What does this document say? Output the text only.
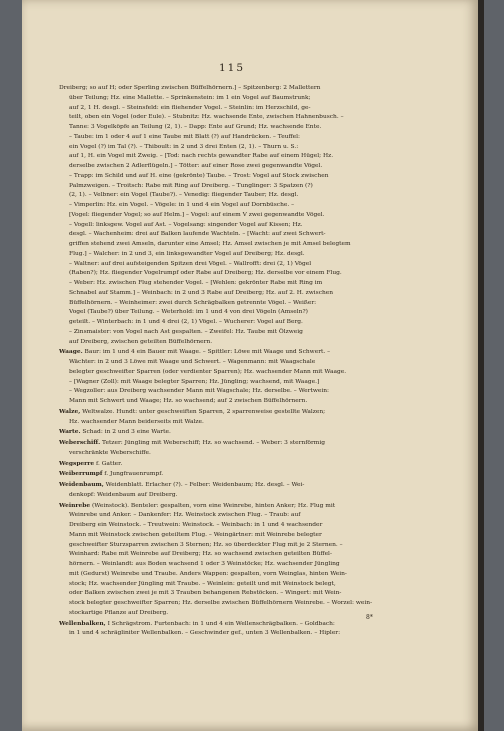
115
Dreiberg; so auf H; oder Sperling zwischen Büffelhörnern.] – Spitzenberg: 2 Mallettern
über Teilung; Hz. eine Mallette. – Sprinkenstein: im 1 ein Vogel auf Baumstrunk;
auf 2, 1 H. desgl. – Steinsfeld: ein fliehender Vogel. – Steinlin: im Herzschild, ge-
teilt, oben ein Vogel (oder Eule). – Stubnitz: Hz. wachsende Ente, zwischen Hahnenbusch. –
Tanne: 3 Vogelköpfe an Teilung (2, 1). – Dapp: Ente auf Grund; Hz. wachsende Ente.
– Taube: im 1 oder 4 auf 1 eine Taube mit Blatt (?) auf Handrücken. – Teuffel:
ein Vogel (?) im Tal (?). – Thiboult: in 2 und 3 drei Enten (2, 1). – Thurn u. S.:
auf 1, H. ein Vogel mit Zweig. – [Tod: nach rechts gewandter Rabe auf einem Hügel; Hz.
derselbe zwischen 2 Adlerflügeln.] – Tötter: auf einer Rose zwei gegenwandte Vögel.
– Trapp: im Schild und auf H. eine (gekrönte) Taube. – Trost: Vogel auf Stock zwischen
Palmzweigen. – Troitsch: Rabe mit Ring auf Dreiberg. – Tunglinger: 3 Spatzen (?)
(2, 1). – Velbner: ein Vogel (Taube?). – Venedig: fliegender Tauber; Hz. desgl.
– Vimperlin: Hz. ein Vogel. – Vögele: in 1 und 4 ein Vogel auf Dornbüsche. –
[Vogel: fliegender Vogel; so auf Helm.] – Vogel: auf einem V zwei gegenwandte Vögel.
– Vogell: linksgew. Vogel auf Ast. – Vogelsang: singender Vogel auf Kissen; Hz.
desgl. – Wachenheim: drei auf Balken laufende Wachteln. – [Wacht: auf zwei Schwert-
griffen stehend zwei Amseln, darunter eine Amsel; Hz. Amsel zwischen je mit Amsel belegtem
Flug.] – Walcher: in 2 und 3, ein linksgewandter Vogel auf Dreiberg; Hz. desgl.
– Waltner: auf drei aufsteigenden Spitzen drei Vögel. – Wallrofft: drei (2, 1) Vögel
(Raben?); Hz. fliegender Vogelrumpf oder Rabe auf Dreiberg; Hz. derselbe vor einem Flug.
– Weber: Hz. zwischen Flug stehender Vogel. – [Wehlen: gekrönter Rabe mit Ring im
Schnabel auf Stamm.] – Weinbach: in 2 und 3 Rabe auf Dreiberg; Hz. auf 2. H. zwischen
Büffelhörnern. – Weinheimer: zwei durch Schrägbalken getrennte Vögel. – Weißer:
Vogel (Taube?) über Teilung. – Weterhold: im 1 und 4 von drei Vögeln (Amseln?)
geteilt. – Winterbach: in 1 und 4 drei (2, 1) Vögel. – Wucherer: Vogel auf Berg.
– Zinsmaister: von Vogel nach Ast gespalten. – Zweifel: Hz. Taube mit Ölzweig
auf Dreiberg, zwischen geteilten Büffelhörnern.
Waage. Baur: im 1 und 4 ein Bauer mit Waage. – Spittler: Löwe mit Waage und Schwert. –
Wächter: in 2 und 3 Löwe mit Waage und Schwert. – Wagenmann: mit Waagschale
belegter geschweifter Sparren (oder verdienter Sparren); Hz. wachsender Mann mit Waage.
– [Wagner (Zoll): mit Waage belegter Sparren; Hz. Jüngling; wachsend, mit Waage.]
– Wegzoller: aus Dreiberg wachsender Mann mit Wagschale; Hz. derselbe. – Wertwein:
Mann mit Schwert und Waage; Hz. so wachsend; auf 2 zwischen Büffelhörnern.
Walze, Weltwalze. Hundt: unter geschweiften Sparren, 2 sparrenweise gestellte Walzen;
Hz. wachsender Mann beiderseits mit Walze.
Warte. Schad: in 2 und 3 eine Warte.
Weberschiff. Tetzer: Jüngling mit Weberschiff; Hz. so wachsend. – Weber: 3 sternförmig
verschränkte Weberschiffe.
Wegsperre f. Gatter.
Weiberrumpf f. Jungfrauenrumpf.
Weidenbaum, Weidenblatt. Erlacher (?). – Felber: Weidenbaum; Hz. desgl. – Wei-
denkopf: Weidenbaum auf Dreiberg.
Weinrebe (Weinstock). Benteler: gespalten, vorn eine Weinrebe, hinten Anker; Hz. Flug mit
Weinrebe und Anker. – Dankenfer: Hz. Weinstock zwischen Flug. – Traub: auf
Dreiberg ein Weinstock. – Treutwein: Weinstock. – Weinbach: in 1 und 4 wachsender
Mann mit Weinstock zwischen geteiltem Flug. – Weingärtner: mit Weinrebe belegter
geschweifter Sturzsparren zwischen 3 Sternen; Hz. so überdeckter Flug mit je 2 Sternen. –
Weinhard: Rabe mit Weinrebe auf Dreiberg; Hz. so wachsend zwischen geteilten Büffel-
hörnern. – Weinlandt: aus Boden wachsend 1 oder 3 Weinstöcke; Hz. wachsender Jüngling
mit (Gedurst) Weinrebe und Traube. Anders Wappen: gespalten, vorn Weinglas, hinten Wein-
stock; Hz. wachsender Jüngling mit Traube. – Weinlein: geteilt und mit Weinstock belegt,
oder Balken zwischen zwei je mit 3 Trauben behangenen Rebstöcken. – Wingert: mit Wein-
stock belegter geschweifter Sparren; Hz. derselbe zwischen Büffelhörnern Weinrebe. – Worzel: wein-
stockartige Pflanze auf Dreiberg.
Wellenbalken, I Schrägstrom. Furtenbach: in 1 und 4 ein Wellenschrägbalken. – Goldbach:
in 1 und 4 schrägliniter Wellenbalken. – Geschwinder gef., unten 3 Wellenbalken. – Hipler:
8*
